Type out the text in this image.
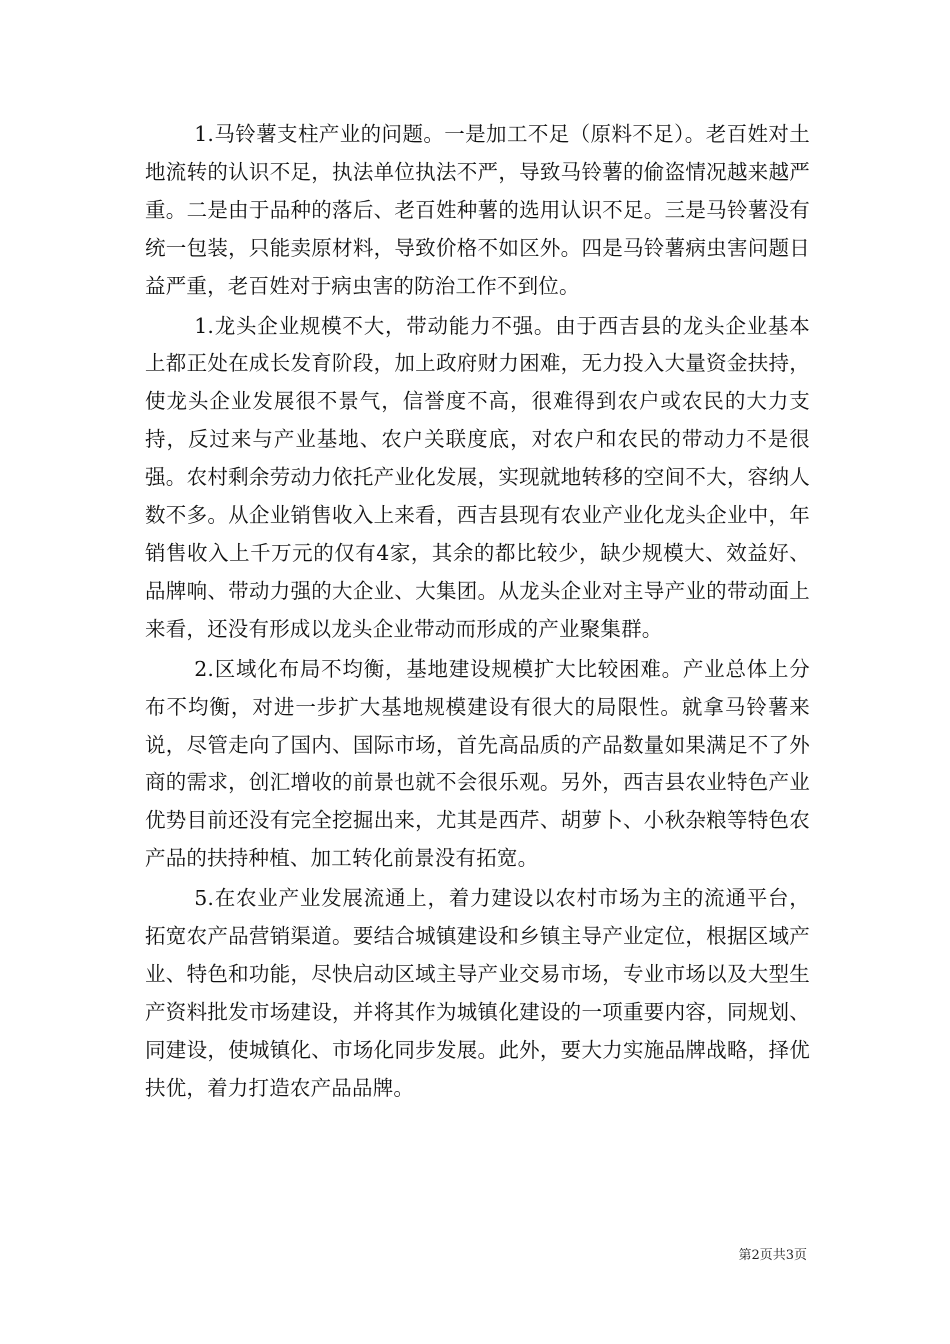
1.马铃薯支柱产业的问题。一是加工不足（原料不足）。老百姓对土地流转的认识不足，执法单位执法不严，导致马铃薯的偷盗情况越来越严重。二是由于品种的落后、老百姓种薯的选用认识不足。三是马铃薯没有统一包装，只能卖原材料，导致价格不如区外。四是马铃薯病虫害问题日益严重，老百姓对于病虫害的防治工作不到位。

1.龙头企业规模不大，带动能力不强。由于西吉县的龙头企业基本上都正处在成长发育阶段，加上政府财力困难，无力投入大量资金扶持，使龙头企业发展很不景气，信誉度不高，很难得到农户或农民的大力支持，反过来与产业基地、农户关联度底，对农户和农民的带动力不是很强。农村剩余劳动力依托产业化发展，实现就地转移的空间不大，容纳人数不多。从企业销售收入上来看，西吉县现有农业产业化龙头企业中，年销售收入上千万元的仅有4家，其余的都比较少，缺少规模大、效益好、品牌响、带动力强的大企业、大集团。从龙头企业对主导产业的带动面上来看，还没有形成以龙头企业带动而形成的产业聚集群。

2.区域化布局不均衡，基地建设规模扩大比较困难。产业总体上分布不均衡，对进一步扩大基地规模建设有很大的局限性。就拿马铃薯来说，尽管走向了国内、国际市场，首先高品质的产品数量如果满足不了外商的需求，创汇增收的前景也就不会很乐观。另外，西吉县农业特色产业优势目前还没有完全挖掘出来，尤其是西芹、胡萝卜、小秋杂粮等特色农产品的扶持种植、加工转化前景没有拓宽。

5.在农业产业发展流通上，着力建设以农村市场为主的流通平台，拓宽农产品营销渠道。要结合城镇建设和乡镇主导产业定位，根据区域产业、特色和功能，尽快启动区域主导产业交易市场，专业市场以及大型生产资料批发市场建设，并将其作为城镇化建设的一项重要内容，同规划、同建设，使城镇化、市场化同步发展。此外，要大力实施品牌战略，择优扶优，着力打造农产品品牌。

第2页共3页
